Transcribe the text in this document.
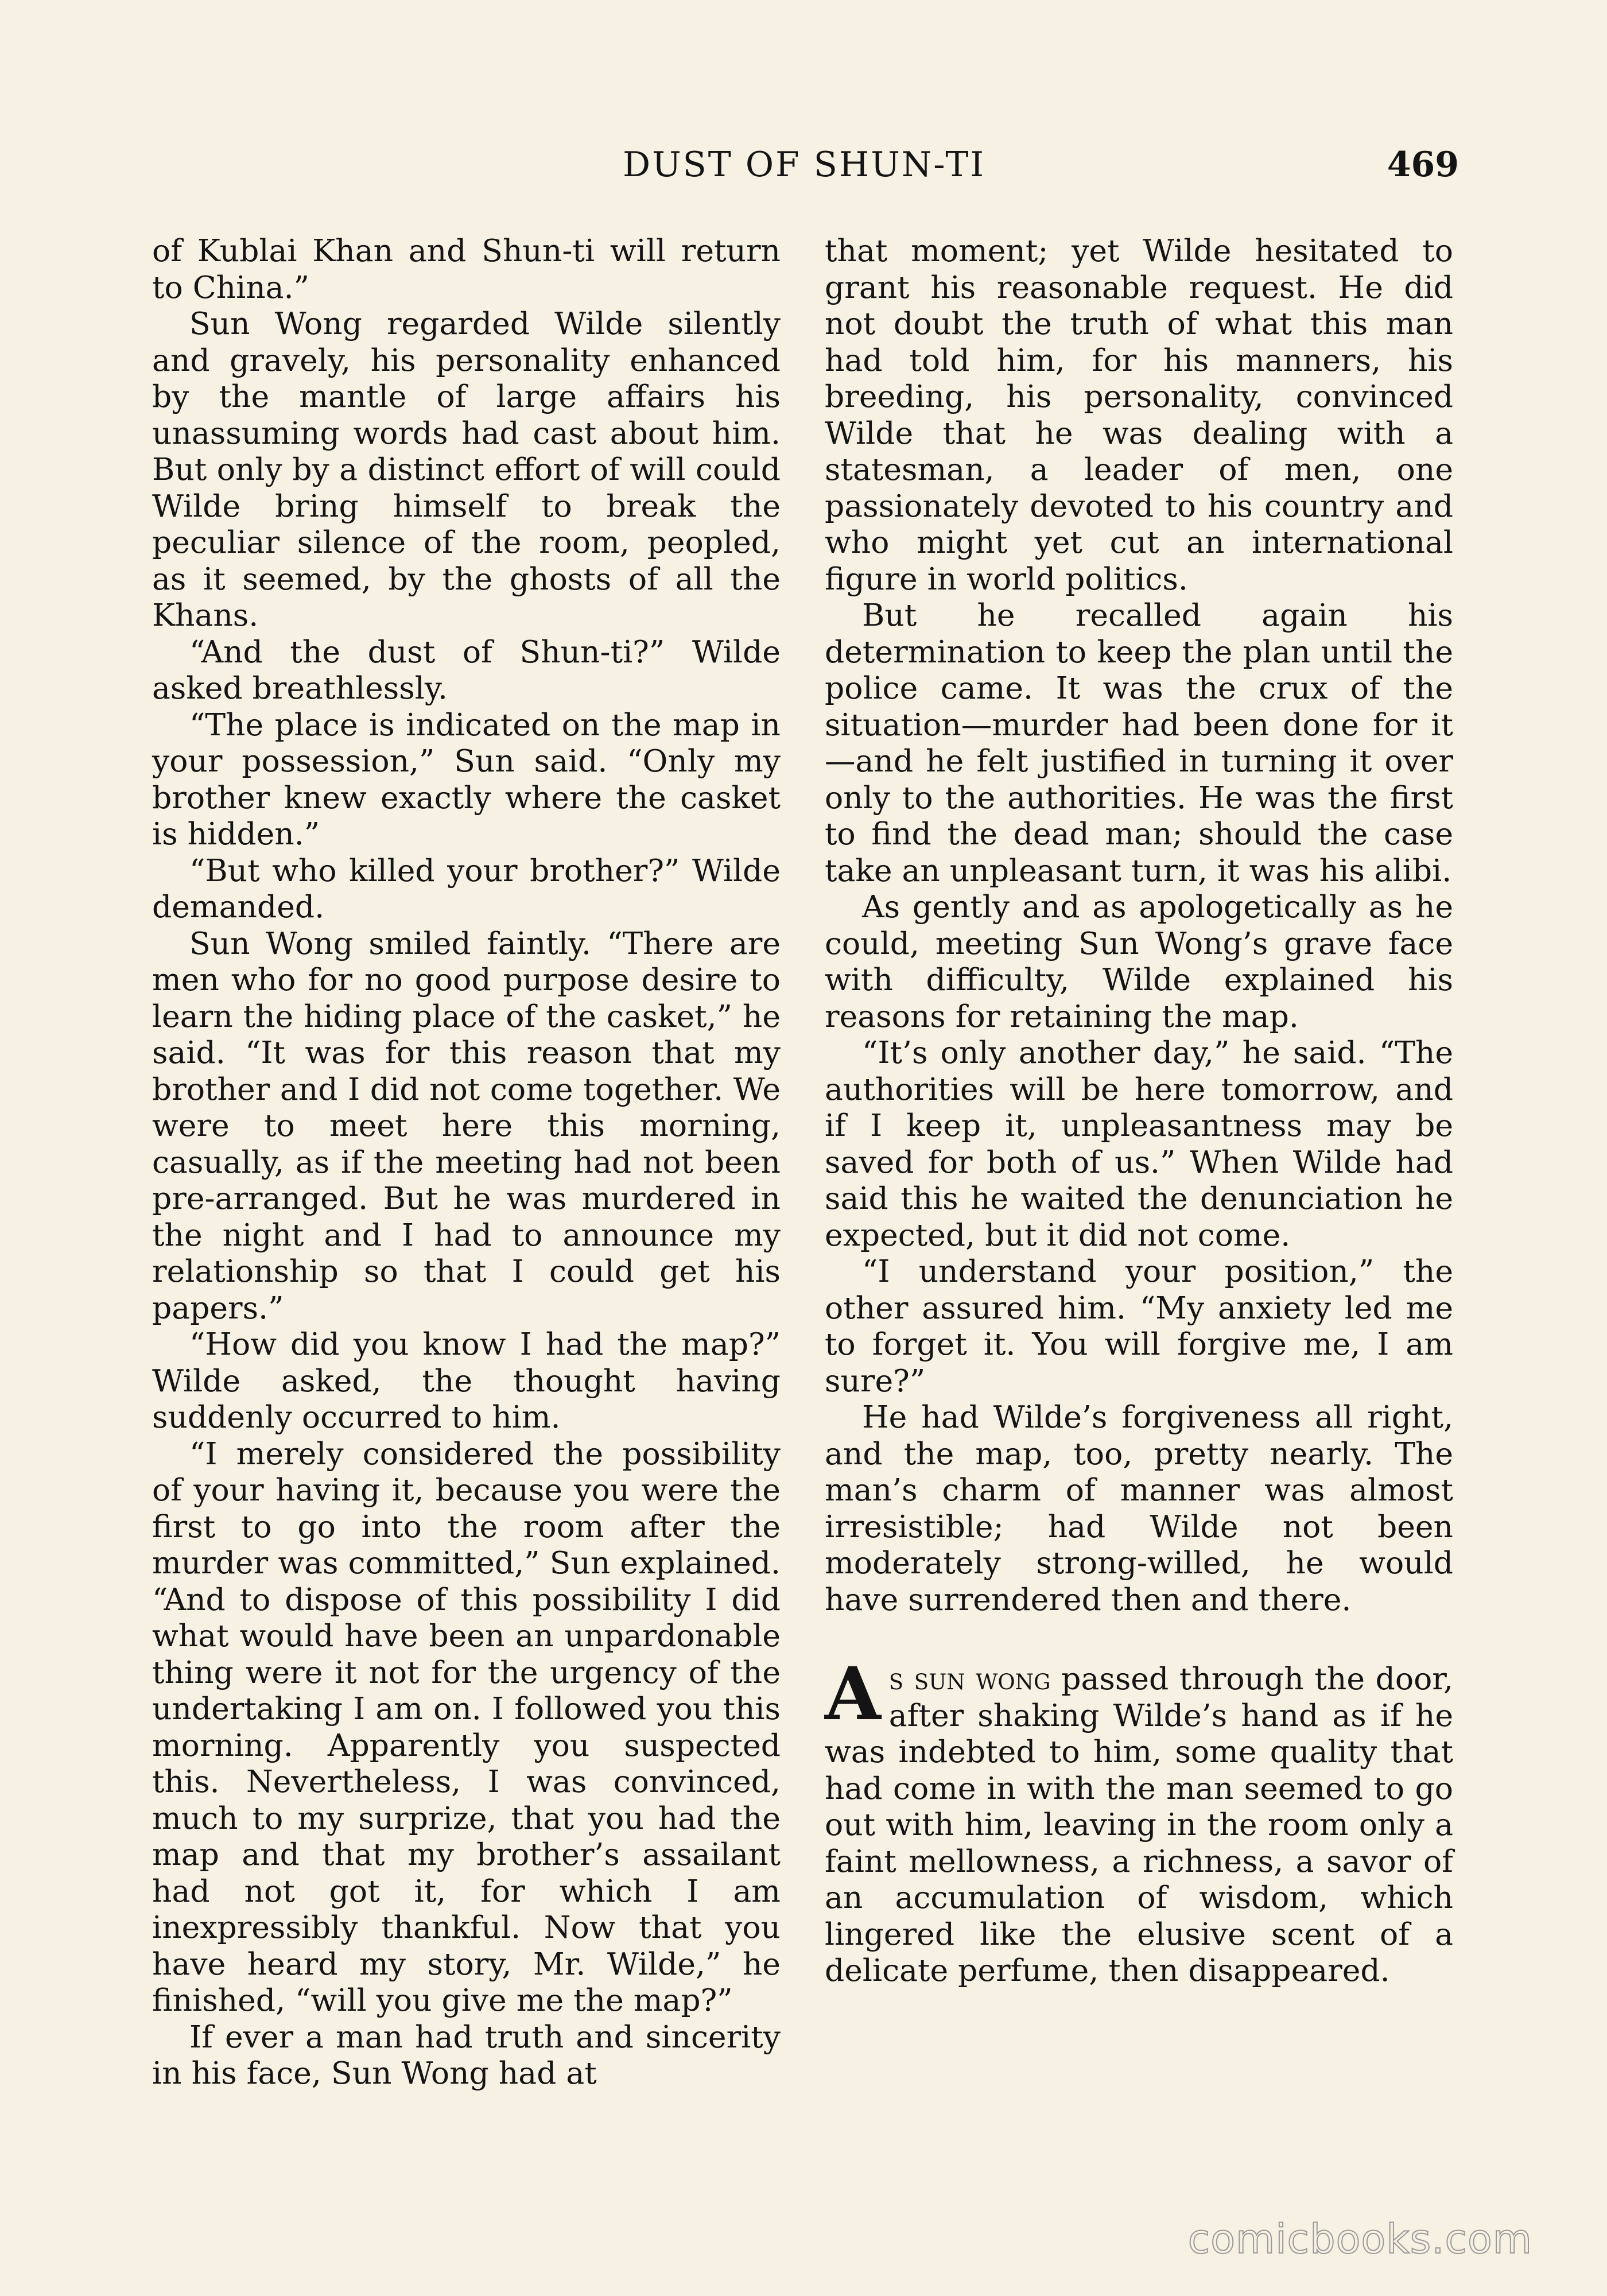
DUST OF SHUN-TI	469

of Kublai Khan and Shun-ti will return to China.”

Sun Wong regarded Wilde silently and gravely, his personality enhanced by the mantle of large affairs his unassuming words had cast about him. But only by a distinct effort of will could Wilde bring himself to break the peculiar silence of the room, peopled, as it seemed, by the ghosts of all the Khans.

“And the dust of Shun-ti?” Wilde asked breathlessly.

“The place is indicated on the map in your possession,” Sun said. “Only my brother knew exactly where the casket is hidden.”

“But who killed your brother?” Wilde demanded.

Sun Wong smiled faintly. “There are men who for no good purpose desire to learn the hiding place of the casket,” he said. “It was for this reason that my brother and I did not come together. We were to meet here this morning, casually, as if the meeting had not been pre-arranged. But he was murdered in the night and I had to announce my relationship so that I could get his papers.”

“How did you know I had the map?” Wilde asked, the thought having suddenly occurred to him.

“I merely considered the possibility of your having it, because you were the first to go into the room after the murder was committed,” Sun explained. “And to dispose of this possibility I did what would have been an unpardonable thing were it not for the urgency of the undertaking I am on. I followed you this morning. Apparently you suspected this. Nevertheless, I was convinced, much to my surprize, that you had the map and that my brother’s assailant had not got it, for which I am inexpressibly thankful. Now that you have heard my story, Mr. Wilde,” he finished, “will you give me the map?”

If ever a man had truth and sincerity in his face, Sun Wong had at

that moment; yet Wilde hesitated to grant his reasonable request. He did not doubt the truth of what this man had told him, for his manners, his breeding, his personality, convinced Wilde that he was dealing with a statesman, a leader of men, one passionately devoted to his country and who might yet cut an international figure in world politics.

But he recalled again his determination to keep the plan until the police came. It was the crux of the situation—murder had been done for it—and he felt justified in turning it over only to the authorities. He was the first to find the dead man; should the case take an unpleasant turn, it was his alibi.

As gently and as apologetically as he could, meeting Sun Wong’s grave face with difficulty, Wilde explained his reasons for retaining the map.

“It’s only another day,” he said. “The authorities will be here tomorrow, and if I keep it, unpleasantness may be saved for both of us.” When Wilde had said this he waited the denunciation he expected, but it did not come.

“I understand your position,” the other assured him. “My anxiety led me to forget it. You will forgive me, I am sure?”

He had Wilde’s forgiveness all right, and the map, too, pretty nearly. The man’s charm of manner was almost irresistible; had Wilde not been moderately strong-willed, he would have surrendered then and there.

As sun wong passed through the door, after shaking Wilde’s hand as if he was indebted to him, some quality that had come in with the man seemed to go out with him, leaving in the room only a faint mellowness, a richness, a savor of an accumulation of wisdom, which lingered like the elusive scent of a delicate perfume, then disappeared.

comicbooks.com
